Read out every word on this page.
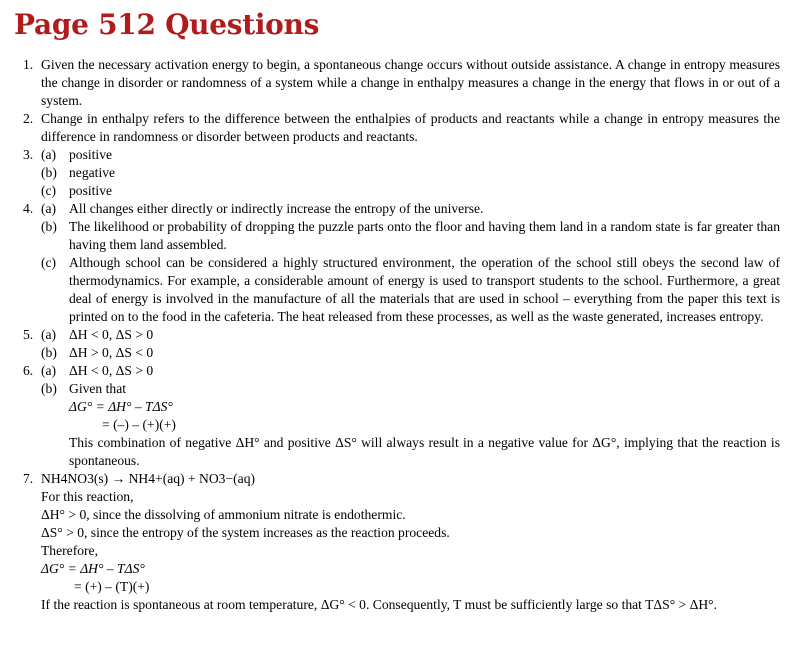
Page 512 Questions
1. Given the necessary activation energy to begin, a spontaneous change occurs without outside assistance. A change in entropy measures the change in disorder or randomness of a system while a change in enthalpy measures a change in the energy that flows in or out of a system.
2. Change in enthalpy refers to the difference between the enthalpies of products and reactants while a change in entropy measures the difference in randomness or disorder between products and reactants.
3. (a) positive
(b) negative
(c) positive
4. (a) All changes either directly or indirectly increase the entropy of the universe.
(b) The likelihood or probability of dropping the puzzle parts onto the floor and having them land in a random state is far greater than having them land assembled.
(c) Although school can be considered a highly structured environment, the operation of the school still obeys the second law of thermodynamics. For example, a considerable amount of energy is used to transport students to the school. Furthermore, a great deal of energy is involved in the manufacture of all the materials that are used in school – everything from the paper this text is printed on to the food in the cafeteria. The heat released from these processes, as well as the waste generated, increases entropy.
5. (a) ΔH < 0, ΔS > 0
(b) ΔH > 0, ΔS < 0
6. (a) ΔH < 0, ΔS > 0
(b) Given that
ΔG° = ΔH° – TΔS°
= (–) – (+)(+)
This combination of negative ΔH° and positive ΔS° will always result in a negative value for ΔG°, implying that the reaction is spontaneous.
7. NH4NO3(s) → NH4+(aq) + NO3−(aq)
For this reaction,
ΔH° > 0, since the dissolving of ammonium nitrate is endothermic.
ΔS° > 0, since the entropy of the system increases as the reaction proceeds.
Therefore,
ΔG° = ΔH° – TΔS°
= (+) – (T)(+)
If the reaction is spontaneous at room temperature, ΔG° < 0. Consequently, T must be sufficiently large so that TΔS° > ΔH°.
